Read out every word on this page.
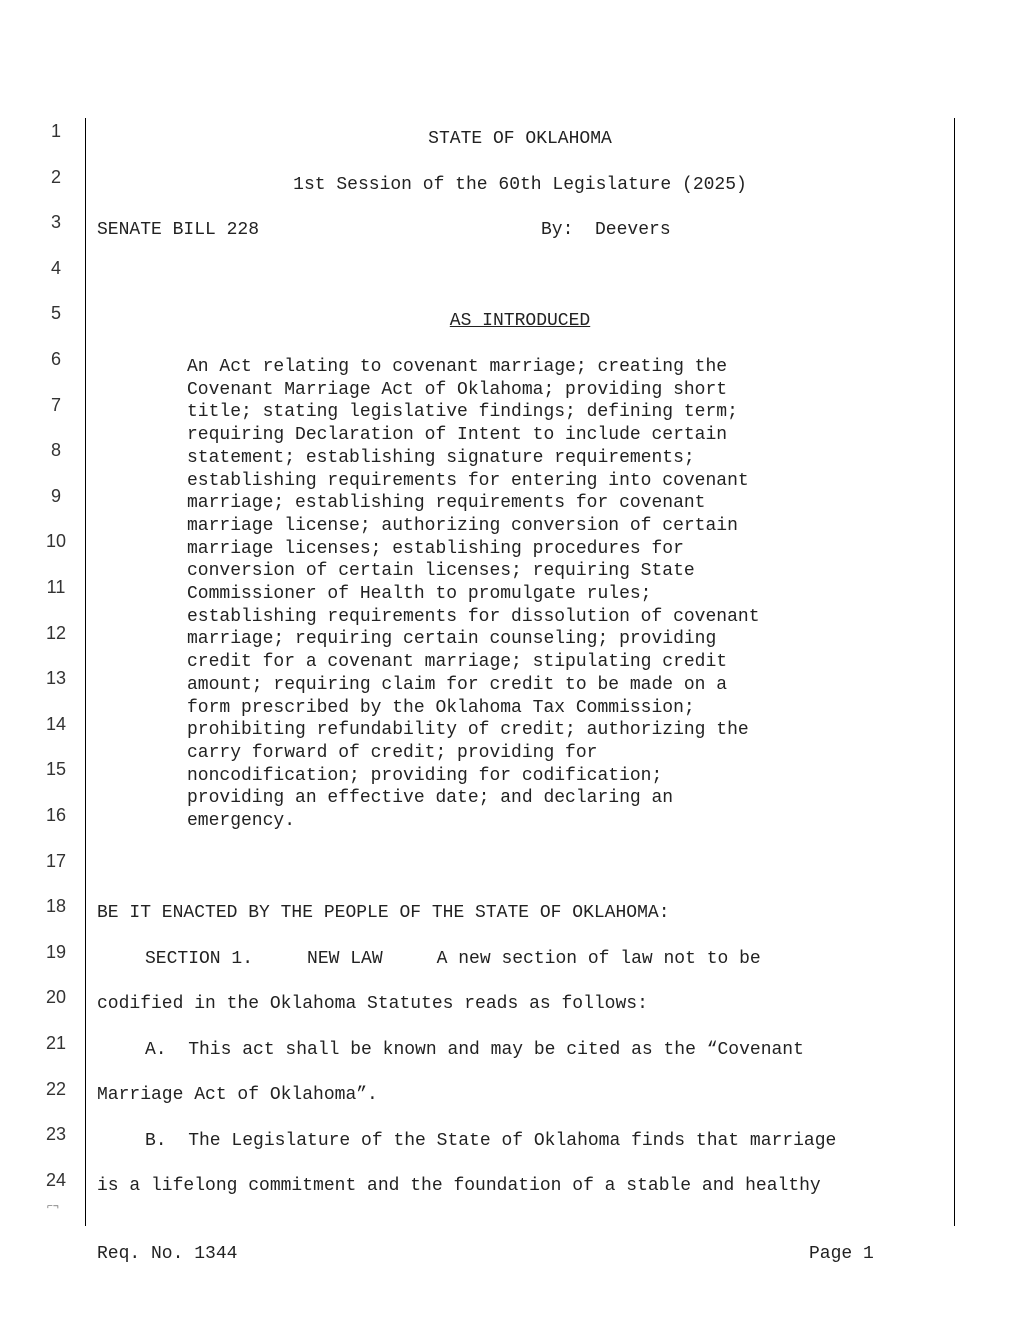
1
2
3
4
5
6
7
8
9
10
11
12
13
14
15
16
17
18
19
20
21
22
23
24
STATE OF OKLAHOMA
1st Session of the 60th Legislature (2025)
SENATE BILL 228	By:  Deevers
AS INTRODUCED
An Act relating to covenant marriage; creating the
Covenant Marriage Act of Oklahoma; providing short
title; stating legislative findings; defining term;
requiring Declaration of Intent to include certain
statement; establishing signature requirements;
establishing requirements for entering into covenant
marriage; establishing requirements for covenant
marriage license; authorizing conversion of certain
marriage licenses; establishing procedures for
conversion of certain licenses; requiring State
Commissioner of Health to promulgate rules;
establishing requirements for dissolution of covenant
marriage; requiring certain counseling; providing
credit for a covenant marriage; stipulating credit
amount; requiring claim for credit to be made on a
form prescribed by the Oklahoma Tax Commission;
prohibiting refundability of credit; authorizing the
carry forward of credit; providing for
noncodification; providing for codification;
providing an effective date; and declaring an
emergency.
BE IT ENACTED BY THE PEOPLE OF THE STATE OF OKLAHOMA:
SECTION 1.     NEW LAW     A new section of law not to be
codified in the Oklahoma Statutes reads as follows:
A.  This act shall be known and may be cited as the “Covenant
Marriage Act of Oklahoma”.
B.  The Legislature of the State of Oklahoma finds that marriage
is a lifelong commitment and the foundation of a stable and healthy
⌐¬
Req. No. 1344	Page 1
